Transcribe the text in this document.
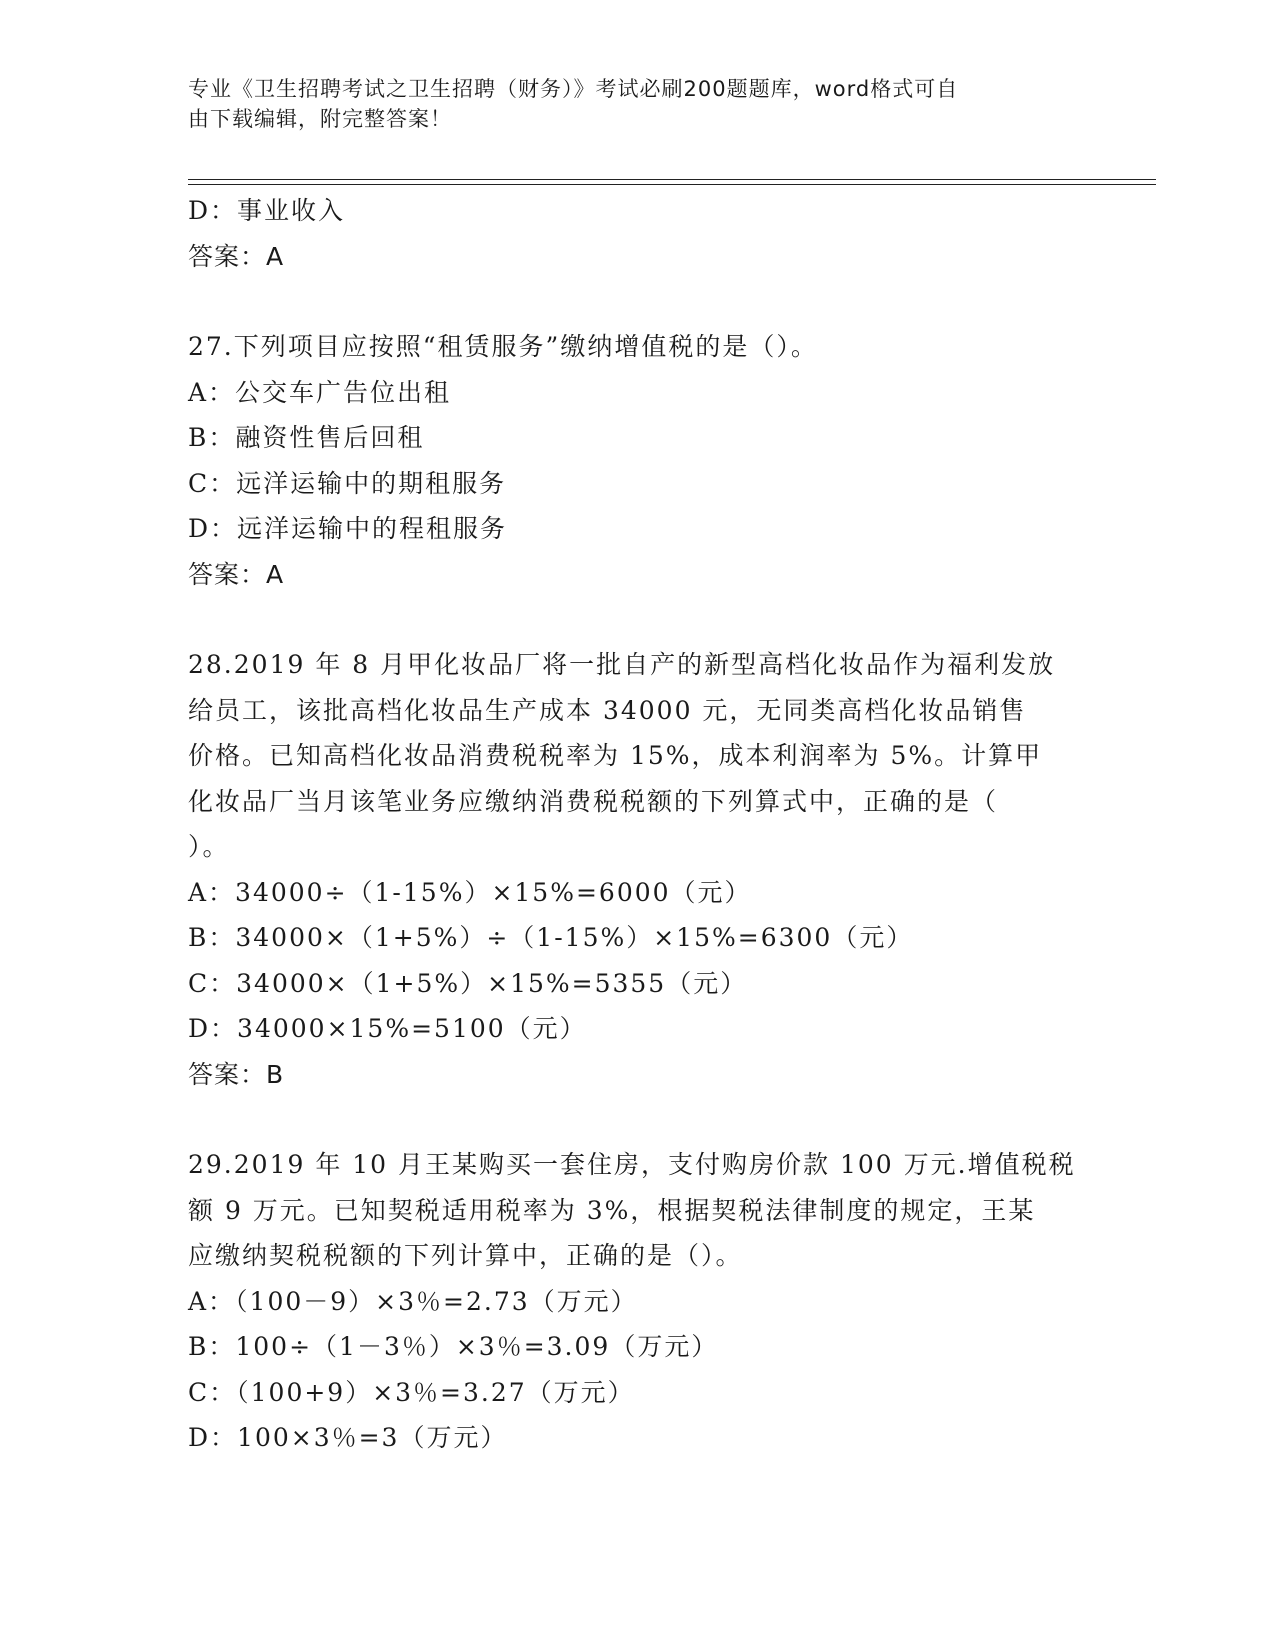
专业《卫生招聘考试之卫生招聘（财务）》考试必刷200题题库，word格式可自
由下载编辑，附完整答案！
D：事业收入
答案：A
27.下列项目应按照“租赁服务”缴纳增值税的是（）。
A：公交车广告位出租
B：融资性售后回租
C：远洋运输中的期租服务
D：远洋运输中的程租服务
答案：A
28.2019 年 8 月甲化妆品厂将一批自产的新型高档化妆品作为福利发放
给员工，该批高档化妆品生产成本 34000 元，无同类高档化妆品销售
价格。已知高档化妆品消费税税率为 15%，成本利润率为 5%。计算甲
化妆品厂当月该笔业务应缴纳消费税税额的下列算式中，正确的是（
）。
A：34000÷（1-15%）×15%=6000（元）
B：34000×（1+5%）÷（1-15%）×15%=6300（元）
C：34000×（1+5%）×15%=5355（元）
D：34000×15%=5100（元）
答案：B
29.2019 年 10 月王某购买一套住房，支付购房价款 100 万元.增值税税
额 9 万元。已知契税适用税率为 3%，根据契税法律制度的规定，王某
应缴纳契税税额的下列计算中，正确的是（）。
A：（100－9）×3％=2.73（万元）
B：100÷（1－3％）×3％=3.09（万元）
C：（100+9）×3％=3.27（万元）
D：100×3％=3（万元）
